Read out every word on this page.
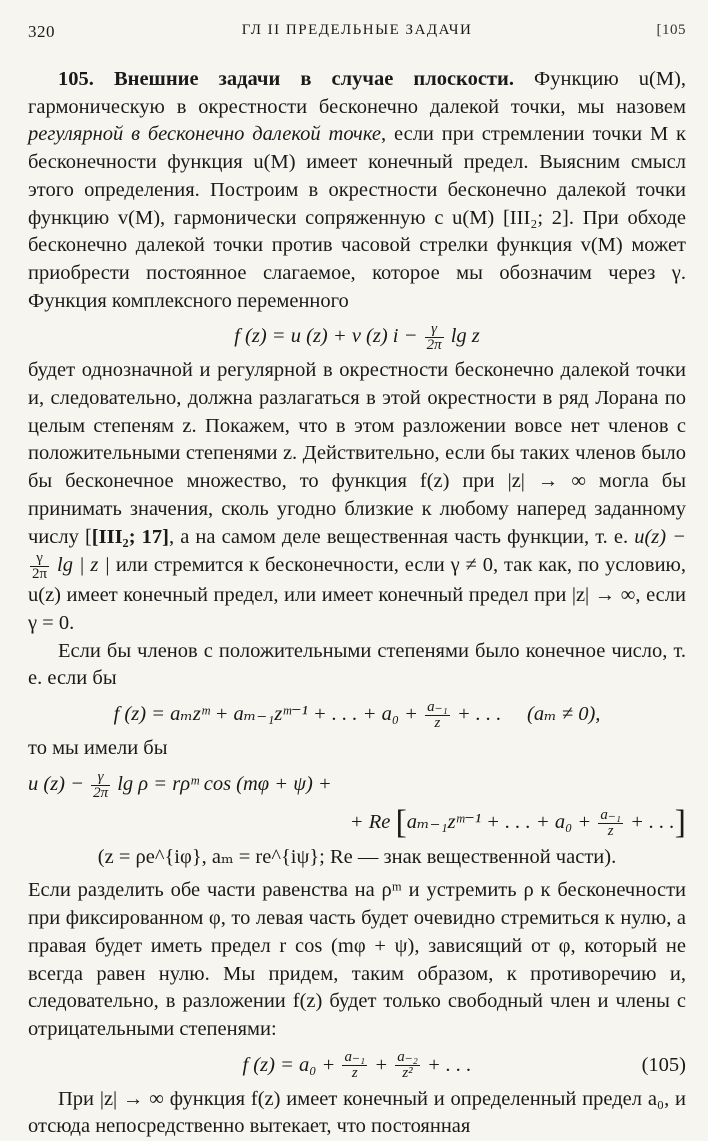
320	ГЛ II ПРЕДЕЛЬНЫЕ ЗАДАЧИ	[105

105. Внешние задачи в случае плоскости. Функцию u(M), гармоническую в окрестности бесконечно далекой точки, мы назовем регулярной в бесконечно далекой точке, если при стремлении точки M к бесконечности функция u(M) имеет конечный предел. Выясним смысл этого определения. Построим в окрестности бесконечно далекой точки функцию v(M), гармонически сопряженную с u(M) [III₂; 2]. При обходе бесконечно далекой точки против часовой стрелки функция v(M) может приобрести постоянное слагаемое, которое мы обозначим через γ. Функция комплексного переменного

f (z) = u (z) + v (z) $i - \frac{\gamma}{2\pi}$ lg z

будет однозначной и регулярной в окрестности бесконечно далекой точки и, следовательно, должна разлагаться в этой окрестности в ряд Лорана по целым степеням z. Покажем, что в этом разложении вовсе нет членов с положительными степенями z. Действительно, если бы таких членов было бы бесконечное множество, то функция f(z) при |z| → ∞ могла бы принимать значения, сколь угодно близкие к любому наперед заданному числу [[III₂; 17], а на самом деле вещественная часть функции, т. е. u(z) −
$\frac{\gamma}{2\pi}$ lg | z | или стремится к бесконечности, если γ ≠ 0, так как, по условию, u(z) имеет конечный предел, или имеет конечный предел при |z| → ∞, если γ = 0.

Если бы членов с положительными степенями было конечное число, т. е. если бы

f (z) = aₘzᵐ + aₘ₋₁zᵐ⁻¹ + . . . + $a_0 + \frac{\text{a₋₁}}{z}$ + . . . (aₘ ≠ 0),

то мы имели бы

u $(z) - \frac{\gamma}{2\pi}$ lg ρ = rρᵐ cos (mφ + ψ) +
+ Re [aₘ₋₁zᵐ⁻¹ + . . . + $a_0 + \frac{\text{a₋₁}}{z}$ + . . .]
(z = ρe^{iφ}, aₘ = re^{iψ}; Re — знак вещественной части).

Если разделить обе части равенства на ρᵐ и устремить ρ к бесконечности при фиксированном φ, то левая часть будет очевидно стремиться к нулю, а правая будет иметь предел r cos (mφ + ψ), зависящий от φ, который не всегда равен нулю. Мы придем, таким образом, к противоречию и, следовательно, в разложении f(z) будет только свободный член и члены с отрицательными степенями:

f $(z) = a_0 + \frac{\text{a₋₁}}{z} + \frac{\text{a₋₂}}{\text{z²}}$ + . . .	(105)

При |z| → ∞ функция f(z) имеет конечный и определенный предел a₀, и отсюда непосредственно вытекает, что постоянная
